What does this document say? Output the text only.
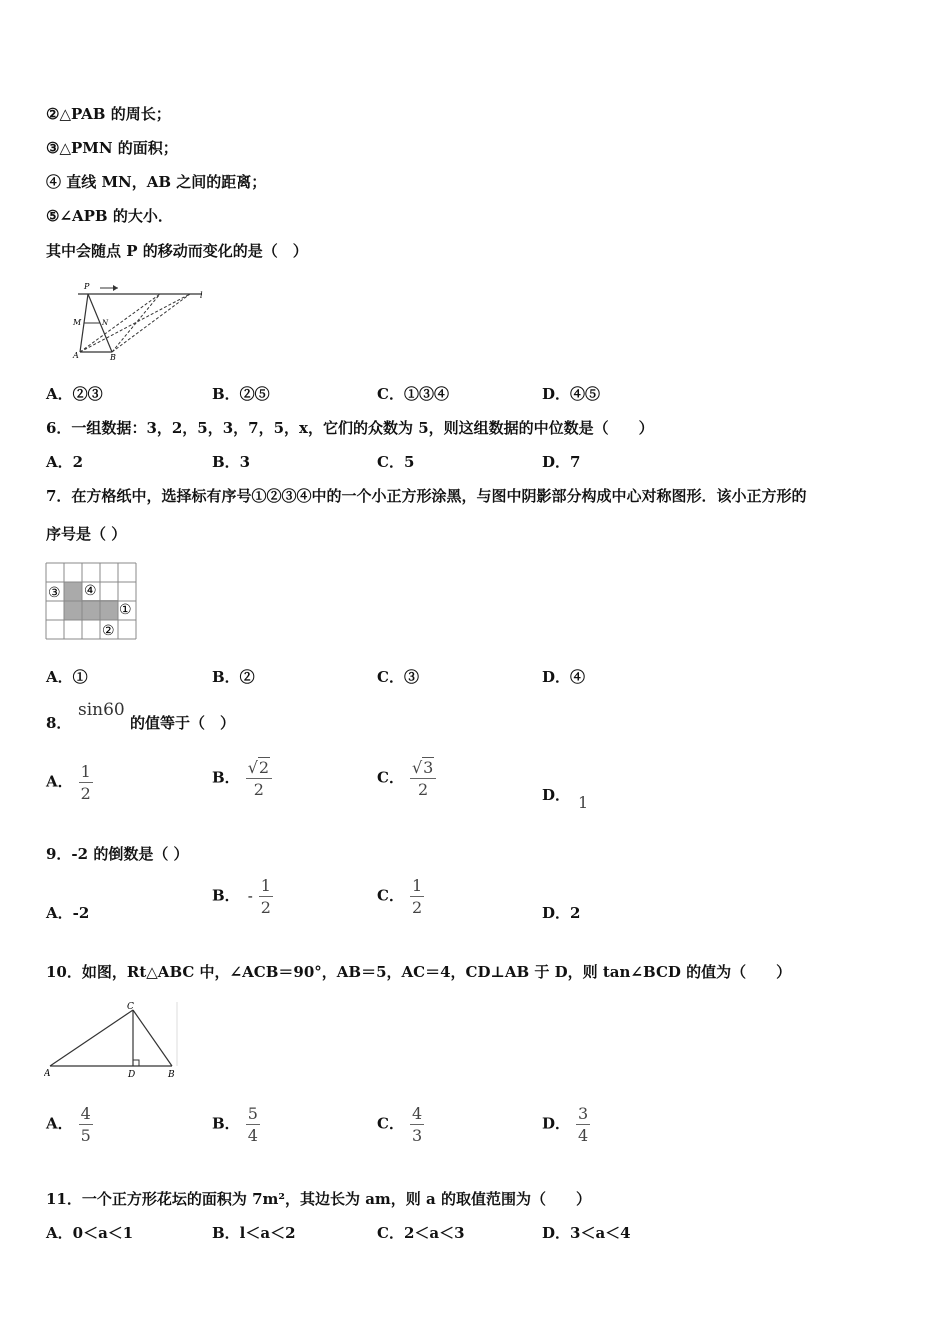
②△PAB 的周长；
③△PMN 的面积；
④ 直线 MN，AB 之间的距离；
⑤∠APB 的大小．
其中会随点 P 的移动而变化的是（　）
P
l
M	N
A	B
A．②③	B．②⑤	C．①③④	D．④⑤
6．一组数据：3，2，5，3，7，5，x，它们的众数为 5，则这组数据的中位数是（　　）
A．2	B．3	C．5	D．7
7．在方格纸中，选择标有序号①②③④中的一个小正方形涂黑，与图中阴影部分构成中心对称图形．该小正方形的
序号是（ ）
③ ④
①
②
A．①	B．②	C．③	D．④
8．
sin60
的值等于（　）
A． $\frac{1}{2}$	B． $\frac{√2}{2}$	C． $\frac{√3}{2}$	D． 1
9．-2 的倒数是（ ）
A．-2
B． - $\frac{1}{2}$	C． $\frac{1}{2}$	D．2
10．如图，Rt△ABC 中，∠ACB＝90°，AB＝5，AC＝4，CD⊥AB 于 D，则 tan∠BCD 的值为（　　）
C
A	D	B
A． $\frac{4}{5}$	B． $\frac{5}{4}$	C． $\frac{4}{3}$	D． $\frac{3}{4}$
11．一个正方形花坛的面积为 7m²，其边长为 am，则 a 的取值范围为（　　）
A．0＜a＜1	B．l＜a＜2	C．2＜a＜3	D．3＜a＜4
